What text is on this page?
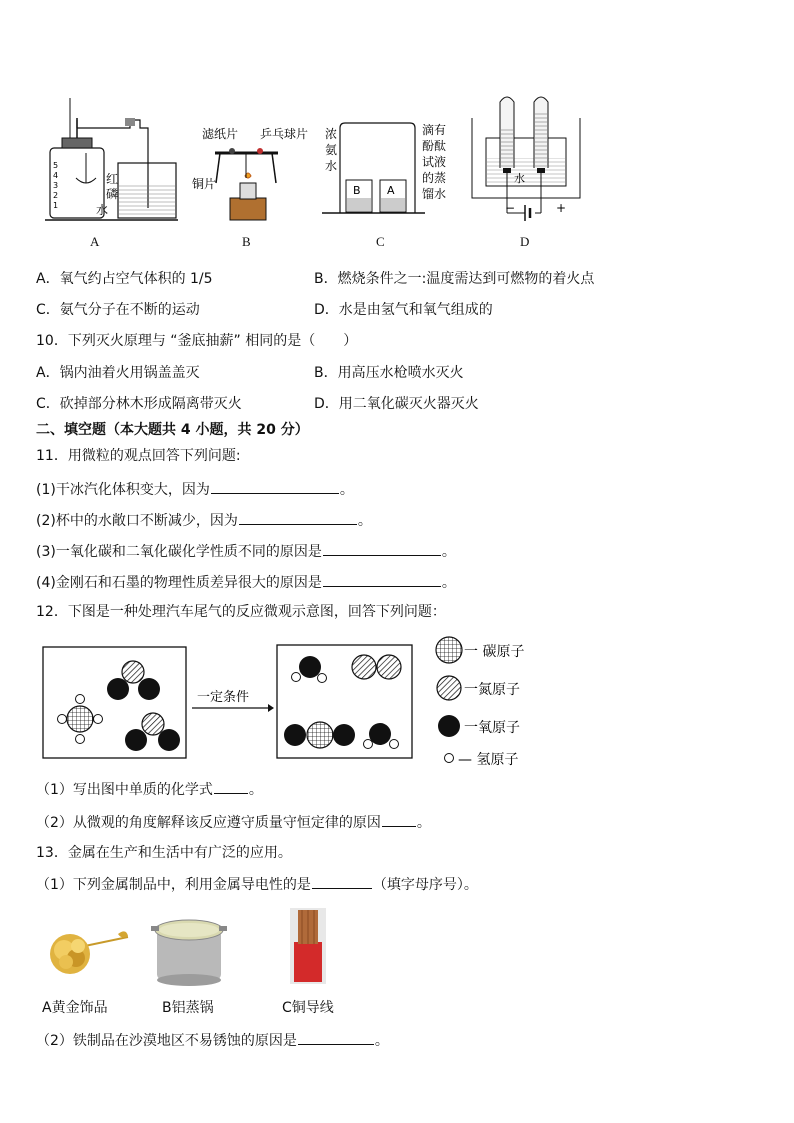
5
4
3
2
1
红
磷
水
滤纸片 乒乓球片
铜片	B A
浓
氨
水
滴有
酚酞
试液
的蒸
馏水
水
−	+
A	B	C	D
A．氧气约占空气体积的 1/5	B．燃烧条件之一:温度需达到可燃物的着火点
C．氨气分子在不断的运动	D．水是由氢气和氧气组成的
10．下列灭火原理与 “釜底抽薪” 相同的是（　　）
A．锅内油着火用锅盖盖灭	B．用高压水枪喷水灭火
C．砍掉部分林木形成隔离带灭火	D．用二氧化碳灭火器灭火
二、填空题（本大题共 4 小题，共 20 分）
11．用微粒的观点回答下列问题:
(1)干冰汽化体积变大，因为	。
(2)杯中的水敞口不断减少，因为	。
(3)一氧化碳和二氧化碳化学性质不同的原因是	。
(4)金刚石和石墨的物理性质差异很大的原因是	。
12．下图是一种处理汽车尾气的反应微观示意图，回答下列问题：
一定条件
一 碳原子
一氮原子
一氧原子
— 氢原子
（1）写出图中单质的化学式	。
（2）从微观的角度解释该反应遵守质量守恒定律的原因	。
13．金属在生产和生活中有广泛的应用。
（1）下列金属制品中，利用金属导电性的是	（填字母序号）。
A黄金饰品	B铝蒸锅	C铜导线
（2）铁制品在沙漠地区不易锈蚀的原因是	。
